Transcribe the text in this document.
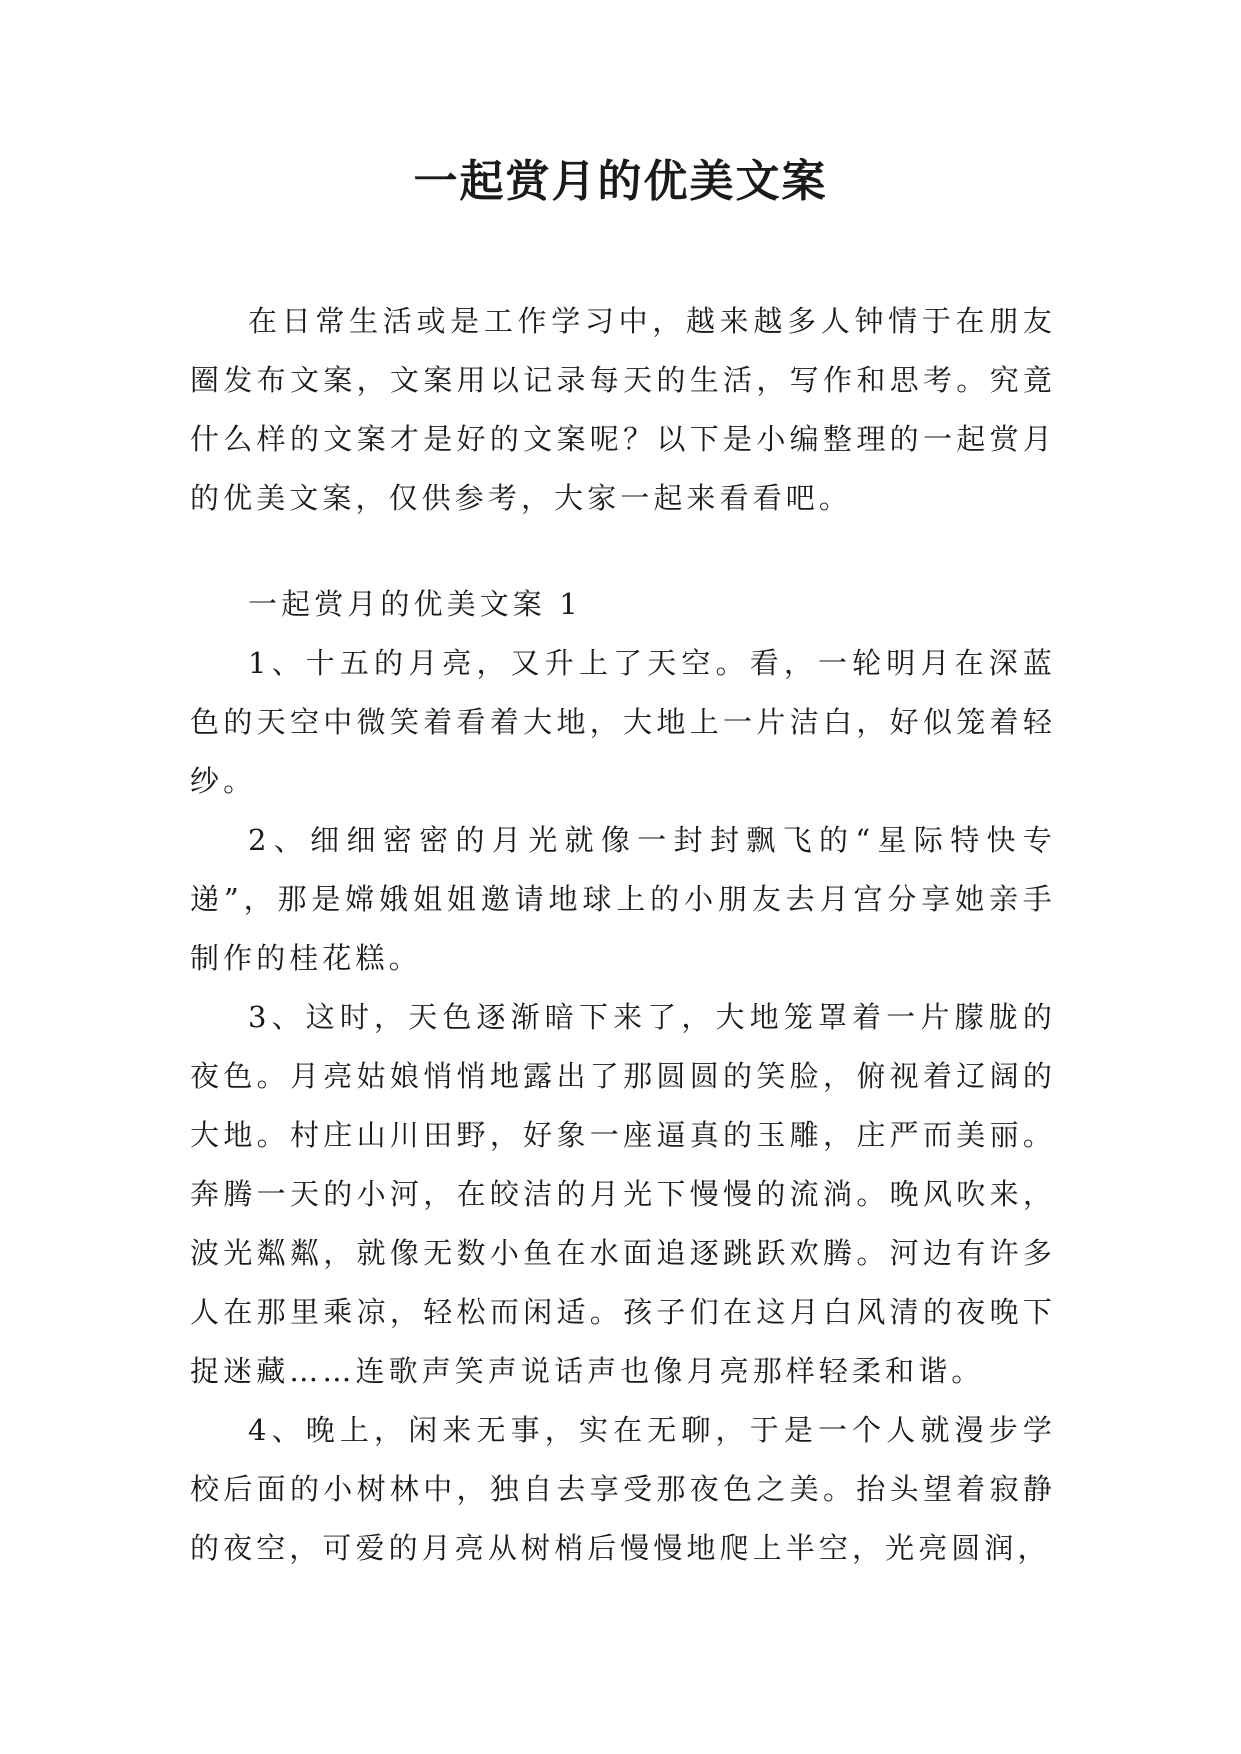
一起赏月的优美文案

在日常生活或是工作学习中，越来越多人钟情于在朋友圈发布文案，文案用以记录每天的生活，写作和思考。究竟什么样的文案才是好的文案呢？以下是小编整理的一起赏月的优美文案，仅供参考，大家一起来看看吧。

一起赏月的优美文案 1

1、十五的月亮，又升上了天空。看，一轮明月在深蓝色的天空中微笑着看着大地，大地上一片洁白，好似笼着轻纱。

2、细细密密的月光就像一封封飘飞的“星际特快专递”，那是嫦娥姐姐邀请地球上的小朋友去月宫分享她亲手制作的桂花糕。

3、这时，天色逐渐暗下来了，大地笼罩着一片朦胧的夜色。月亮姑娘悄悄地露出了那圆圆的笑脸，俯视着辽阔的大地。村庄山川田野，好象一座逼真的玉雕，庄严而美丽。奔腾一天的小河，在皎洁的月光下慢慢的流淌。晚风吹来，波光粼粼，就像无数小鱼在水面追逐跳跃欢腾。河边有许多人在那里乘凉，轻松而闲适。孩子们在这月白风清的夜晚下捉迷藏……连歌声笑声说话声也像月亮那样轻柔和谐。

4、晚上，闲来无事，实在无聊，于是一个人就漫步学校后面的小树林中，独自去享受那夜色之美。抬头望着寂静的夜空，可爱的月亮从树梢后慢慢地爬上半空，光亮圆润，
